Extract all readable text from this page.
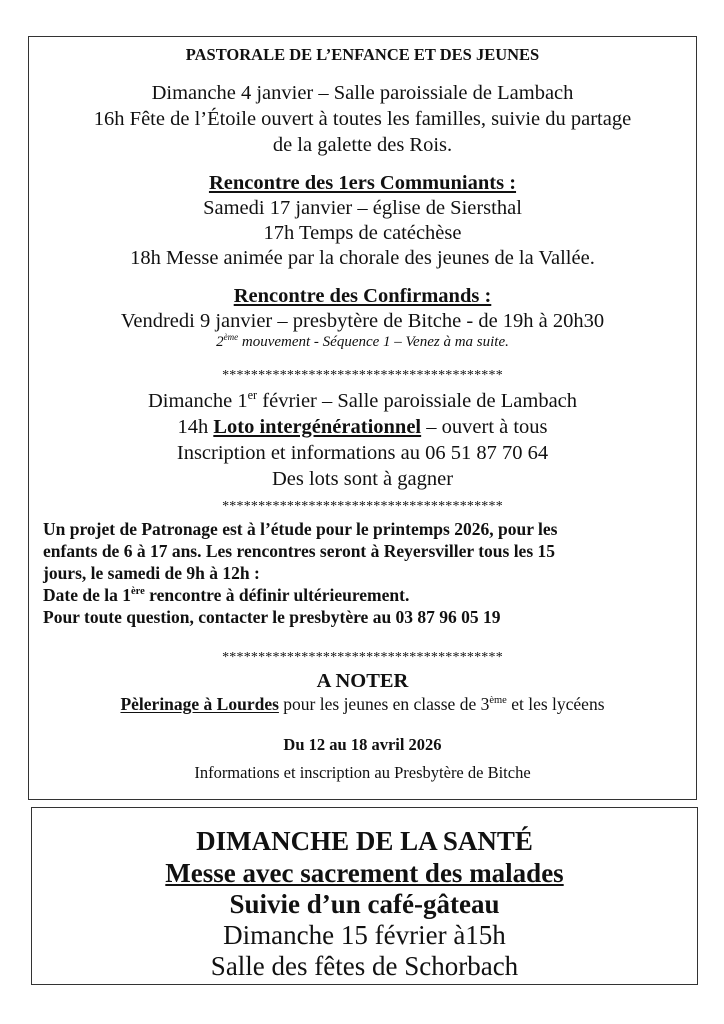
PASTORALE DE L’ENFANCE ET DES JEUNES
Dimanche 4 janvier – Salle paroissiale de Lambach
16h Fête de l’Étoile ouvert à toutes les familles, suivie du partage
de la galette des Rois.
Rencontre des 1ers Communiants :
Samedi 17 janvier – église de Siersthal
17h Temps de catéchèse
18h Messe animée par la chorale des jeunes de la Vallée.
Rencontre des Confirmands :
Vendredi 9 janvier – presbytère de Bitche - de 19h à 20h30
2ème mouvement - Séquence 1 – Venez à ma suite.
***************************************
Dimanche 1er février – Salle paroissiale de Lambach
14h Loto intergénérationnel – ouvert à tous
Inscription et informations au 06 51 87 70 64
Des lots sont à gagner
***************************************
Un projet de Patronage est à l’étude pour le printemps 2026, pour les
enfants de 6 à 17 ans. Les rencontres seront à Reyersviller tous les 15
jours, le samedi de 9h à 12h :
Date de la 1ère rencontre à définir ultérieurement.
Pour toute question, contacter le presbytère au 03 87 96 05 19
***************************************
A NOTER
Pèlerinage à Lourdes pour les jeunes en classe de 3ème et les lycéens
Du 12 au 18 avril 2026
Informations et inscription au Presbytère de Bitche
DIMANCHE DE LA SANTÉ
Messe avec sacrement des malades
Suivie d’un café-gâteau
Dimanche 15 février à15h
Salle des fêtes de Schorbach
